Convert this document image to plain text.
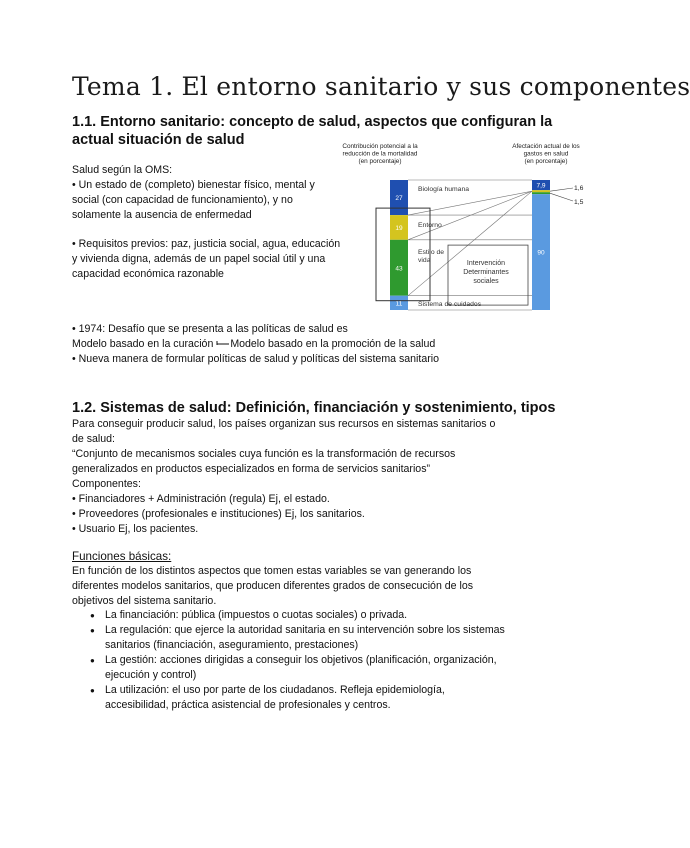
Tema 1. El entorno sanitario y sus componentes
1.1. Entorno sanitario: concepto de salud, aspectos que configuran la
actual situación de salud
Salud según la OMS:
• Un estado de (completo) bienestar físico, mental y
social (con capacidad de funcionamiento), y no
solamente la ausencia de enfermedad
• Requisitos previos: paz, justicia social, agua, educación
y vivienda digna, además de un papel social útil y una
capacidad económica razonable
Contribución potencial a la
reducción de la mortalidad
(en porcentaje)
Afectación actual de los
gastos en salud
(en porcentaje)
27
19
43
11
7,9
90
Biología humana
Entorno
Estilo de
vida
Sistema de cuidados
Intervención
Determinantes
sociales
1,6
1,5
• 1974: Desafío que se presenta a las políticas de salud es
Modelo basado en la curación Modelo basado en la promoción de la salud
• Nueva manera de formular políticas de salud y políticas del sistema sanitario
1.2. Sistemas de salud: Definición, financiación y sostenimiento, tipos
Para conseguir producir salud, los países organizan sus recursos en sistemas sanitarios o
de salud:
“Conjunto de mecanismos sociales cuya función es la transformación de recursos
generalizados en productos especializados en forma de servicios sanitarios”
Componentes:
• Financiadores + Administración (regula) Ej, el estado.
• Proveedores (profesionales e instituciones) Ej, los sanitarios.
• Usuario Ej, los pacientes.
Funciones básicas:
En función de los distintos aspectos que tomen estas variables se van generando los
diferentes modelos sanitarios, que producen diferentes grados de consecución de los
objetivos del sistema sanitario.
● La financiación: pública (impuestos o cuotas sociales) o privada.
● La regulación: que ejerce la autoridad sanitaria en su intervención sobre los sistemas
sanitarios (financiación, aseguramiento, prestaciones)
● La gestión: acciones dirigidas a conseguir los objetivos (planificación, organización,
ejecución y control)
● La utilización: el uso por parte de los ciudadanos. Refleja epidemiología,
accesibilidad, práctica asistencial de profesionales y centros.
